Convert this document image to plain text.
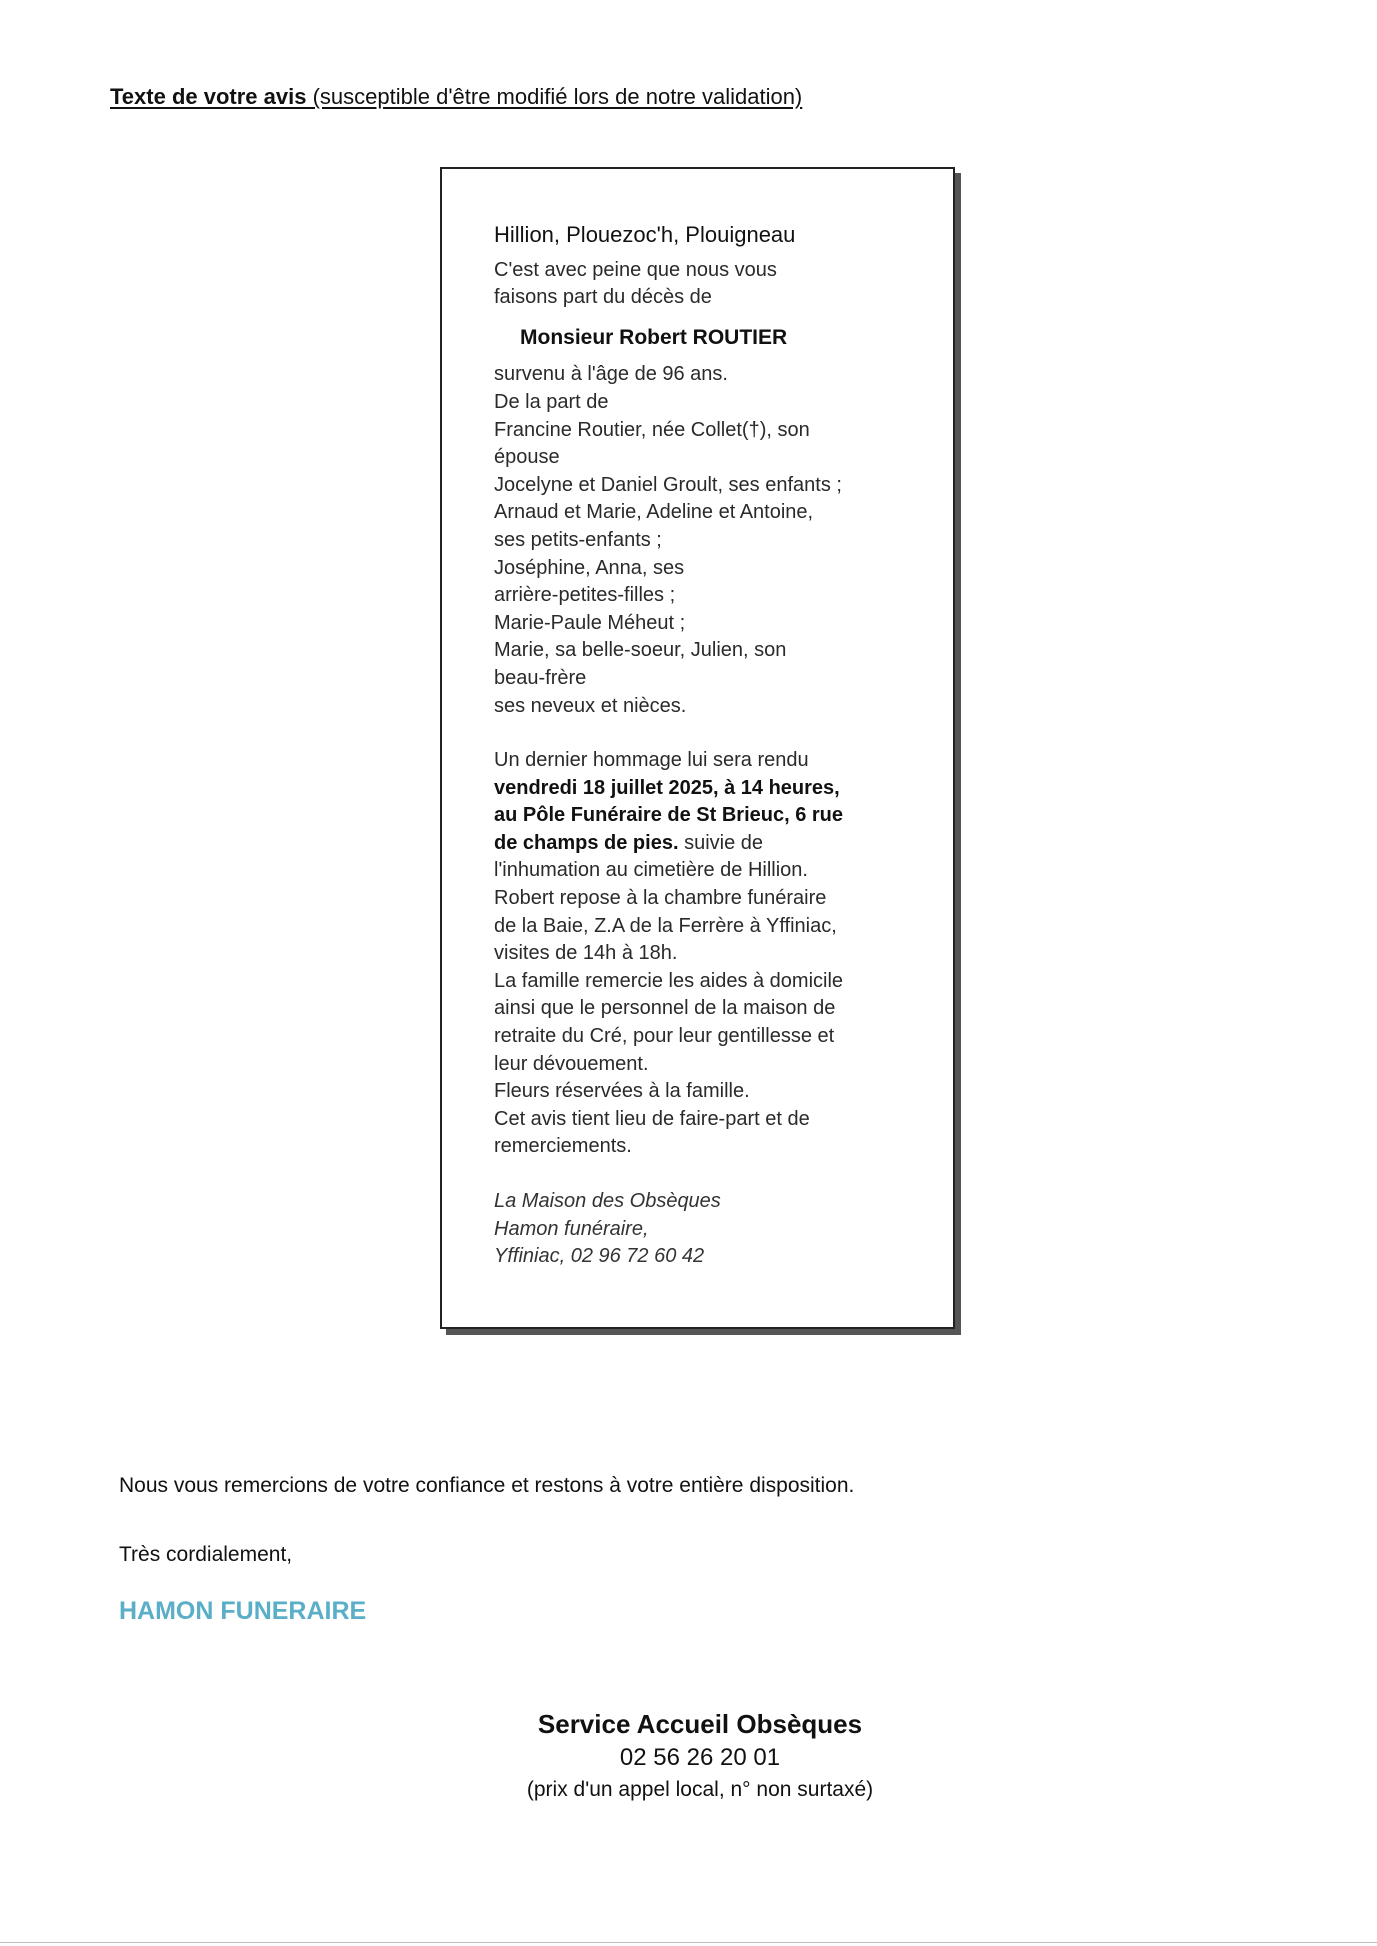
Texte de votre avis (susceptible d'être modifié lors de notre validation)
Hillion, Plouezoc'h, Plouigneau
C'est avec peine que nous vous
faisons part du décès de
Monsieur Robert ROUTIER
survenu à l'âge de 96 ans.
De la part de
Francine Routier, née Collet(†), son
épouse
Jocelyne et Daniel Groult, ses enfants ;
Arnaud et Marie, Adeline et Antoine,
ses petits-enfants ;
Joséphine, Anna, ses
arrière-petites-filles ;
Marie-Paule Méheut ;
Marie, sa belle-soeur, Julien, son
beau-frère
ses neveux et nièces.
Un dernier hommage lui sera rendu
vendredi 18 juillet 2025, à 14 heures,
au Pôle Funéraire de St Brieuc, 6 rue
de champs de pies. suivie de
l'inhumation au cimetière de Hillion.
Robert repose à la chambre funéraire
de la Baie, Z.A de la Ferrère à Yffiniac,
visites de 14h à 18h.
La famille remercie les aides à domicile
ainsi que le personnel de la maison de
retraite du Cré, pour leur gentillesse et
leur dévouement.
Fleurs réservées à la famille.
Cet avis tient lieu de faire-part et de
remerciements.
La Maison des Obsèques
Hamon funéraire,
Yffiniac, 02 96 72 60 42
Nous vous remercions de votre confiance et restons à votre entière disposition.
Très cordialement,
HAMON FUNERAIRE
Service Accueil Obsèques
02 56 26 20 01
(prix d'un appel local, n° non surtaxé)
